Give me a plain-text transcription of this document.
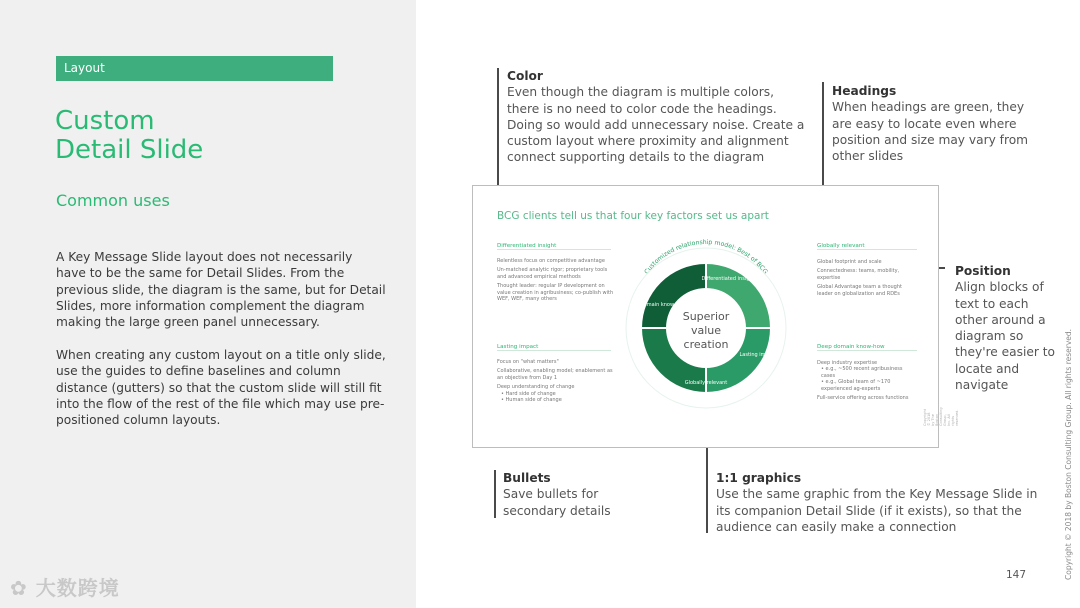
Layout
Custom
Detail Slide
Common uses
A Key Message Slide layout does not necessarily have to be the same for Detail Slides. From the previous slide, the diagram is the same, but for Detail Slides, more information complement the diagram making the large green panel unnecessary.
When creating any custom layout on a title only slide, use the guides to define baselines and column distance (gutters) so that the custom slide will still fit into the flow of the rest of the file which may use pre-positioned column layouts.
✿ 大数跨境
Color
Even though the diagram is multiple colors, there is no need to color code the headings. Doing so would add unnecessary noise. Create a custom layout where proximity and alignment connect supporting details to the diagram
Headings
When headings are green, they are easy to locate even where position and size may vary from other slides
Position
Align blocks of text to each other around a diagram so they're easier to locate and navigate
Bullets
Save bullets for secondary details
1:1 graphics
Use the same graphic from the Key Message Slide in its companion Detail Slide (if it exists), so that the audience can easily make a connection
BCG clients tell us that four key factors set us apart
Differentiated insight
Relentless focus on competitive advantage
Un-matched analytic rigor; proprietary tools and advanced empirical methods
Thought leader: regular IP development on value creation in agribusiness; co-publish with WEF, WEF, many others
Lasting impact
Focus on "what matters"
Collaborative, enabling model; enablement as an objective from Day 1
Deep understanding of change
• Hard side of change
• Human side of change
Globally relevant
Global footprint and scale
Connectedness: teams, mobility, expertise
Global Advantage team a thought leader on globalization and RDEs
Deep domain know-how
Deep industry expertise
• e.g., ~500 recent agribusiness cases
• e.g., Global team of ~170 experienced ag-experts
Full-service offering across functions
Copyright © 2018 by The Boston Consulting Group, Inc. All rights reserved.
Customized relationship model: Best of BCG
Superior
value
creation
Differentiated insight
Lasting impact
Globally relevant
Deep domain know-how
147	Copyright © 2018 by Boston Consulting Group. All rights reserved.
